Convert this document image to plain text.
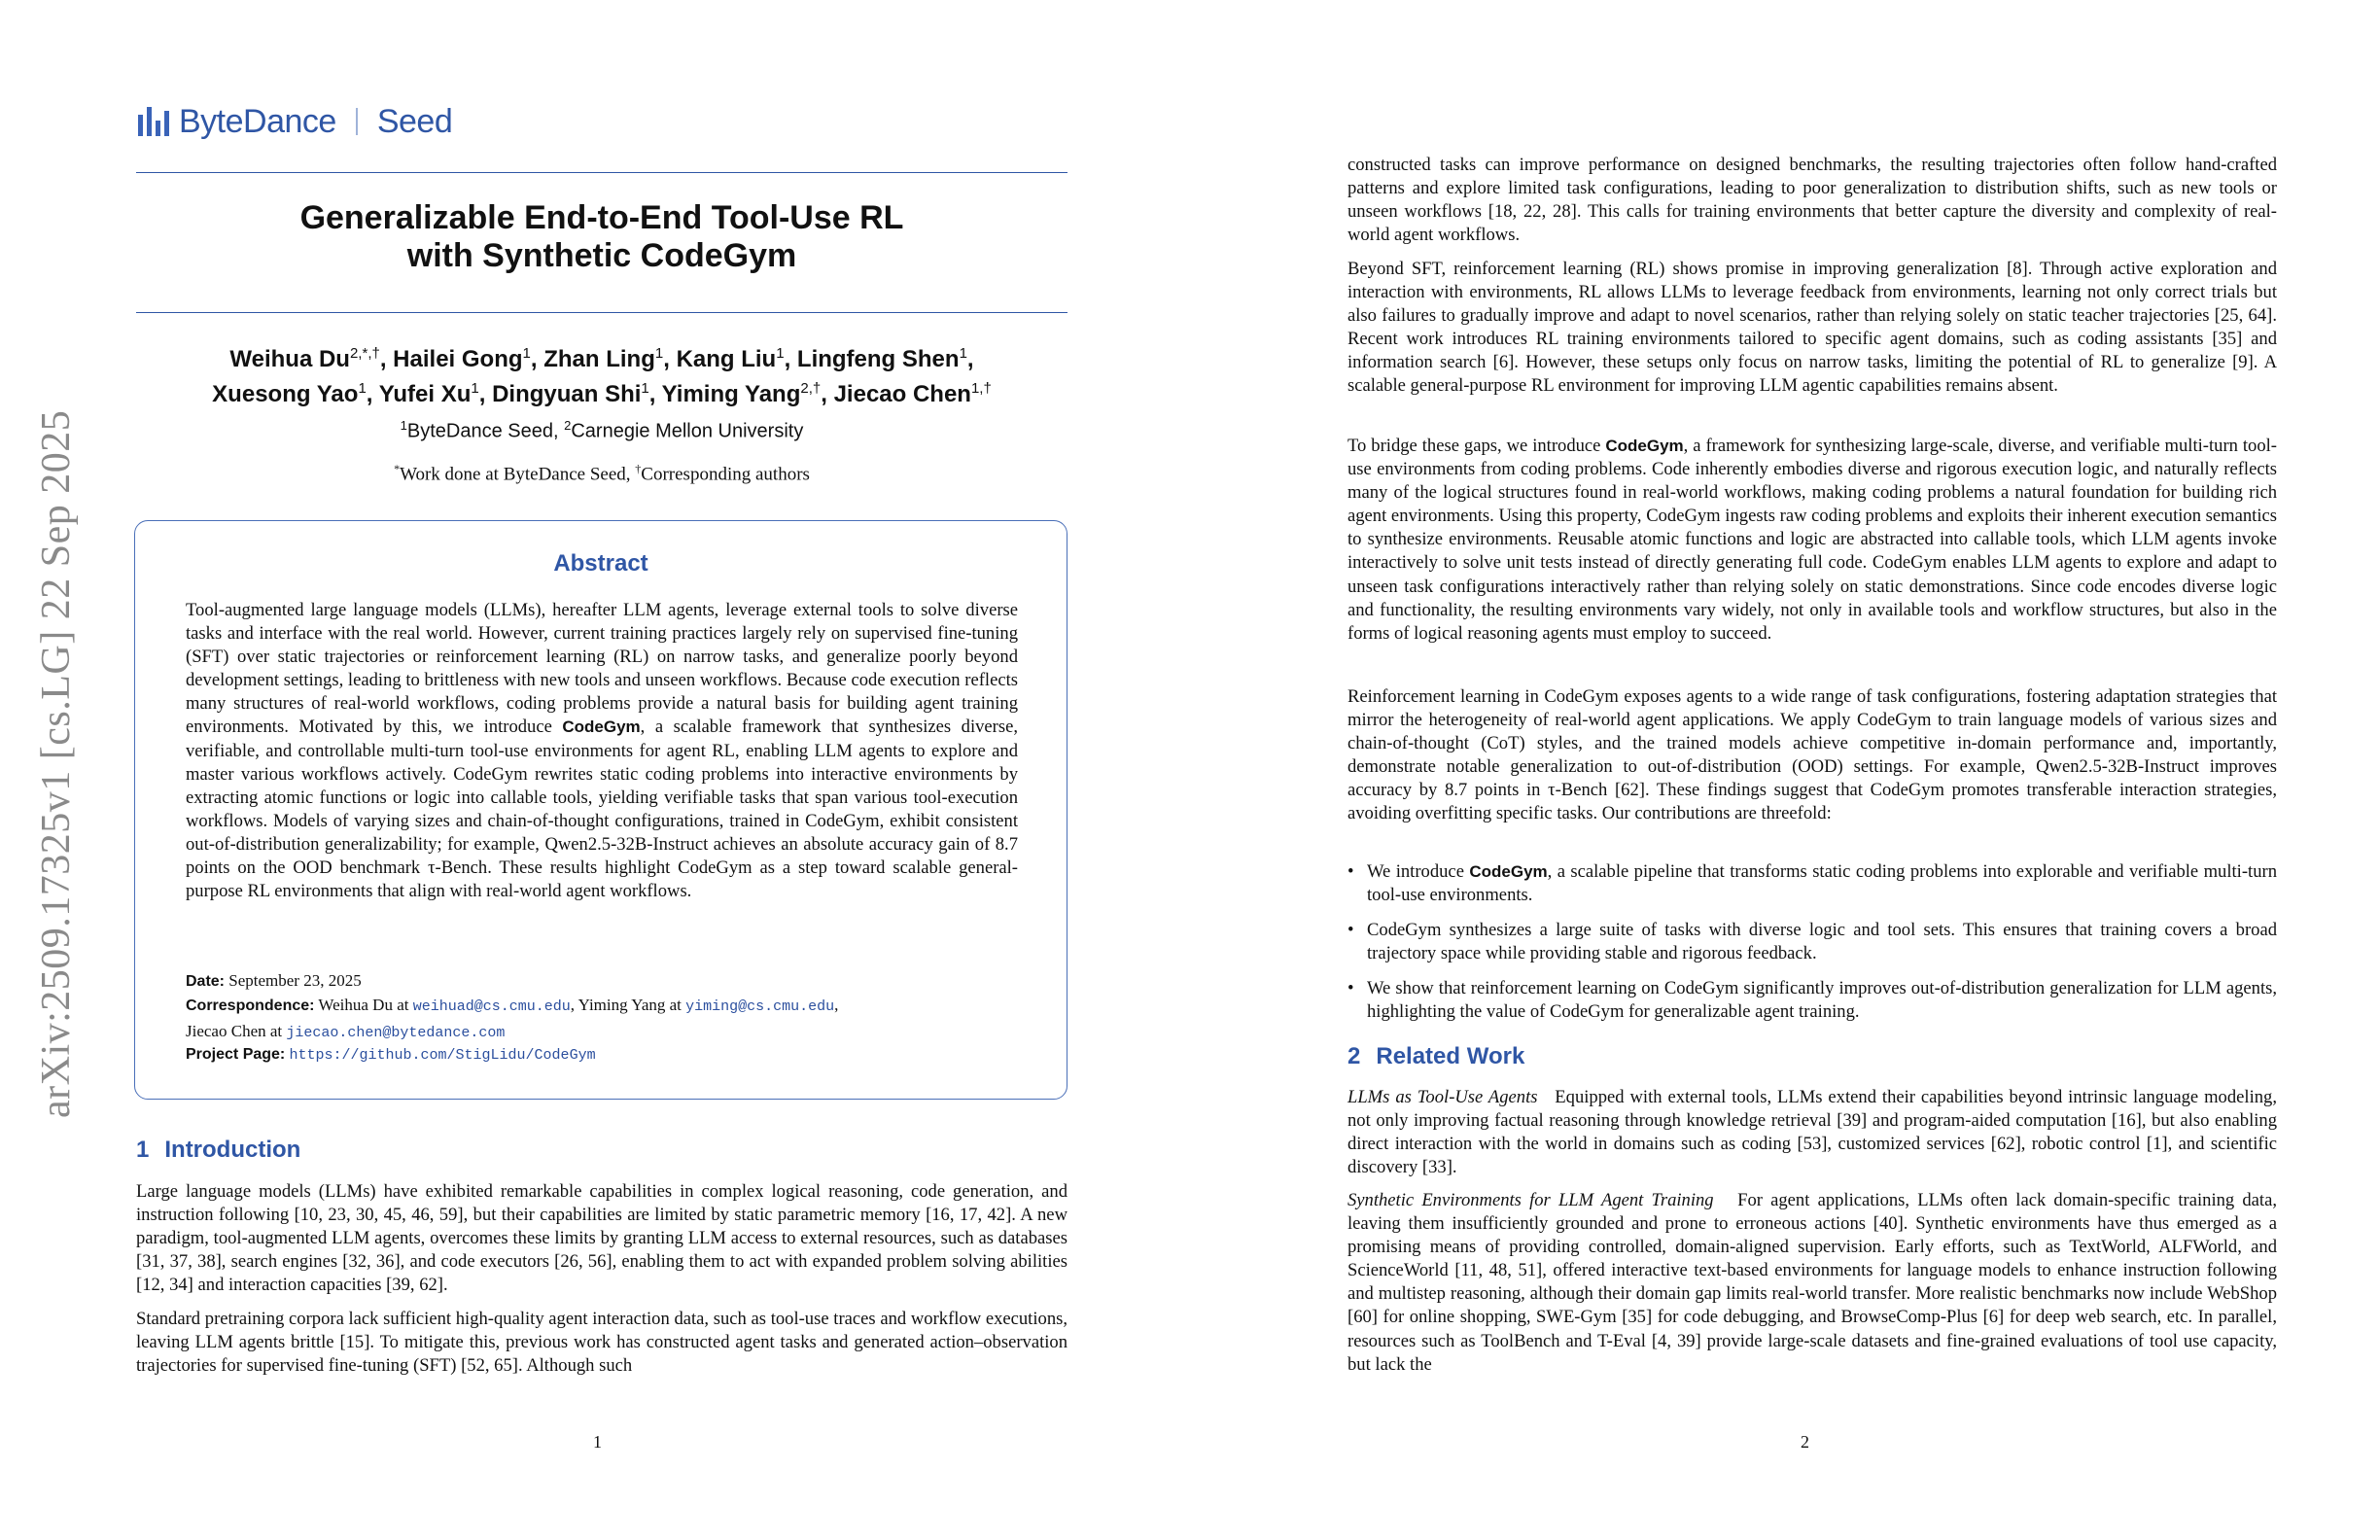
arXiv:2509.17325v1 [cs.LG] 22 Sep 2025
ByteDance Seed
Generalizable End-to-End Tool-Use RL
with Synthetic CodeGym
Weihua $Du^{2,*,\dagger}$, Hailei Gong$^1$, Zhan Ling$^1$, Kang Liu$^1$, Lingfeng Shen$^1$,
Xuesong Yao$^1$, Yufei Xu$^1$, Dingyuan Shi$^1$, Yiming Yang$^{2,\dagger}$, Jiecao Chen$^{1,\dagger}$
$^1$ByteDance Seed, $^2$Carnegie Mellon University
*Work done at ByteDance Seed, †Corresponding authors
Abstract
Tool-augmented large language models (LLMs), hereafter LLM agents, leverage external tools to solve diverse tasks and interface with the real world. However, current training practices largely rely on supervised fine-tuning (SFT) over static trajectories or reinforcement learning (RL) on narrow tasks, and generalize poorly beyond development settings, leading to brittleness with new tools and unseen workflows. Because code execution reflects many structures of real-world workflows, coding problems provide a natural basis for building agent training environments. Motivated by this, we introduce CodeGym, a scalable framework that synthesizes diverse, verifiable, and controllable multi-turn tool-use environments for agent RL, enabling LLM agents to explore and master various workflows actively. CodeGym rewrites static coding problems into interactive environments by extracting atomic functions or logic into callable tools, yielding verifiable tasks that span various tool-execution workflows. Models of varying sizes and chain-of-thought configurations, trained in CodeGym, exhibit consistent out-of-distribution generalizability; for example, Qwen2.5-32B-Instruct achieves an absolute accuracy gain of 8.7 points on the OOD benchmark τ-Bench. These results highlight CodeGym as a step toward scalable general-purpose RL environments that align with real-world agent workflows.
Date: September 23, 2025
Correspondence: Weihua Du at weihuad@cs.cmu.edu, Yiming Yang at yiming@cs.cmu.edu,
Jiecao Chen at jiecao.chen@bytedance.com
Project Page: https://github.com/StigLidu/CodeGym
1 Introduction

Large language models (LLMs) have exhibited remarkable capabilities in complex logical reasoning, code generation, and instruction following [10, 23, 30, 45, 46, 59], but their capabilities are limited by static parametric memory [16, 17, 42]. A new paradigm, tool-augmented LLM agents, overcomes these limits by granting LLM access to external resources, such as databases [31, 37, 38], search engines [32, 36], and code executors [26, 56], enabling them to act with expanded problem solving abilities [12, 34] and interaction capacities [39, 62].

Standard pretraining corpora lack sufficient high-quality agent interaction data, such as tool-use traces and workflow executions, leaving LLM agents brittle [15]. To mitigate this, previous work has constructed agent tasks and generated action–observation trajectories for supervised fine-tuning (SFT) [52, 65]. Although such

1

constructed tasks can improve performance on designed benchmarks, the resulting trajectories often follow hand-crafted patterns and explore limited task configurations, leading to poor generalization to distribution shifts, such as new tools or unseen workflows [18, 22, 28]. This calls for training environments that better capture the diversity and complexity of real-world agent workflows.

Beyond SFT, reinforcement learning (RL) shows promise in improving generalization [8]. Through active exploration and interaction with environments, RL allows LLMs to leverage feedback from environments, learning not only correct trials but also failures to gradually improve and adapt to novel scenarios, rather than relying solely on static teacher trajectories [25, 64]. Recent work introduces RL training environments tailored to specific agent domains, such as coding assistants [35] and information search [6]. However, these setups only focus on narrow tasks, limiting the potential of RL to generalize [9]. A scalable general-purpose RL environment for improving LLM agentic capabilities remains absent.

To bridge these gaps, we introduce CodeGym, a framework for synthesizing large-scale, diverse, and verifiable multi-turn tool-use environments from coding problems. Code inherently embodies diverse and rigorous execution logic, and naturally reflects many of the logical structures found in real-world workflows, making coding problems a natural foundation for building rich agent environments. Using this property, CodeGym ingests raw coding problems and exploits their inherent execution semantics to synthesize environments. Reusable atomic functions and logic are abstracted into callable tools, which LLM agents invoke interactively to solve unit tests instead of directly generating full code. CodeGym enables LLM agents to explore and adapt to unseen task configurations interactively rather than relying solely on static demonstrations. Since code encodes diverse logic and functionality, the resulting environments vary widely, not only in available tools and workflow structures, but also in the forms of logical reasoning agents must employ to succeed.

Reinforcement learning in CodeGym exposes agents to a wide range of task configurations, fostering adaptation strategies that mirror the heterogeneity of real-world agent applications. We apply CodeGym to train language models of various sizes and chain-of-thought (CoT) styles, and the trained models achieve competitive in-domain performance and, importantly, demonstrate notable generalization to out-of-distribution (OOD) settings. For example, Qwen2.5-32B-Instruct improves accuracy by 8.7 points in τ-Bench [62]. These findings suggest that CodeGym promotes transferable interaction strategies, avoiding overfitting specific tasks. Our contributions are threefold:

• We introduce CodeGym, a scalable pipeline that transforms static coding problems into explorable and verifiable multi-turn tool-use environments.
• CodeGym synthesizes a large suite of tasks with diverse logic and tool sets. This ensures that training covers a broad trajectory space while providing stable and rigorous feedback.
• We show that reinforcement learning on CodeGym significantly improves out-of-distribution generalization for LLM agents, highlighting the value of CodeGym for generalizable agent training.
2 Related Work

LLMs as Tool-Use Agents Equipped with external tools, LLMs extend their capabilities beyond intrinsic language modeling, not only improving factual reasoning through knowledge retrieval [39] and program-aided computation [16], but also enabling direct interaction with the world in domains such as coding [53], customized services [62], robotic control [1], and scientific discovery [33].

Synthetic Environments for LLM Agent Training For agent applications, LLMs often lack domain-specific training data, leaving them insufficiently grounded and prone to erroneous actions [40]. Synthetic environments have thus emerged as a promising means of providing controlled, domain-aligned supervision. Early efforts, such as TextWorld, ALFWorld, and ScienceWorld [11, 48, 51], offered interactive text-based environments for language models to enhance instruction following and multistep reasoning, although their domain gap limits real-world transfer. More realistic benchmarks now include WebShop [60] for online shopping, SWE-Gym [35] for code debugging, and BrowseComp-Plus [6] for deep web search, etc. In parallel, resources such as ToolBench and T-Eval [4, 39] provide large-scale datasets and fine-grained evaluations of tool use capacity, but lack the

2
